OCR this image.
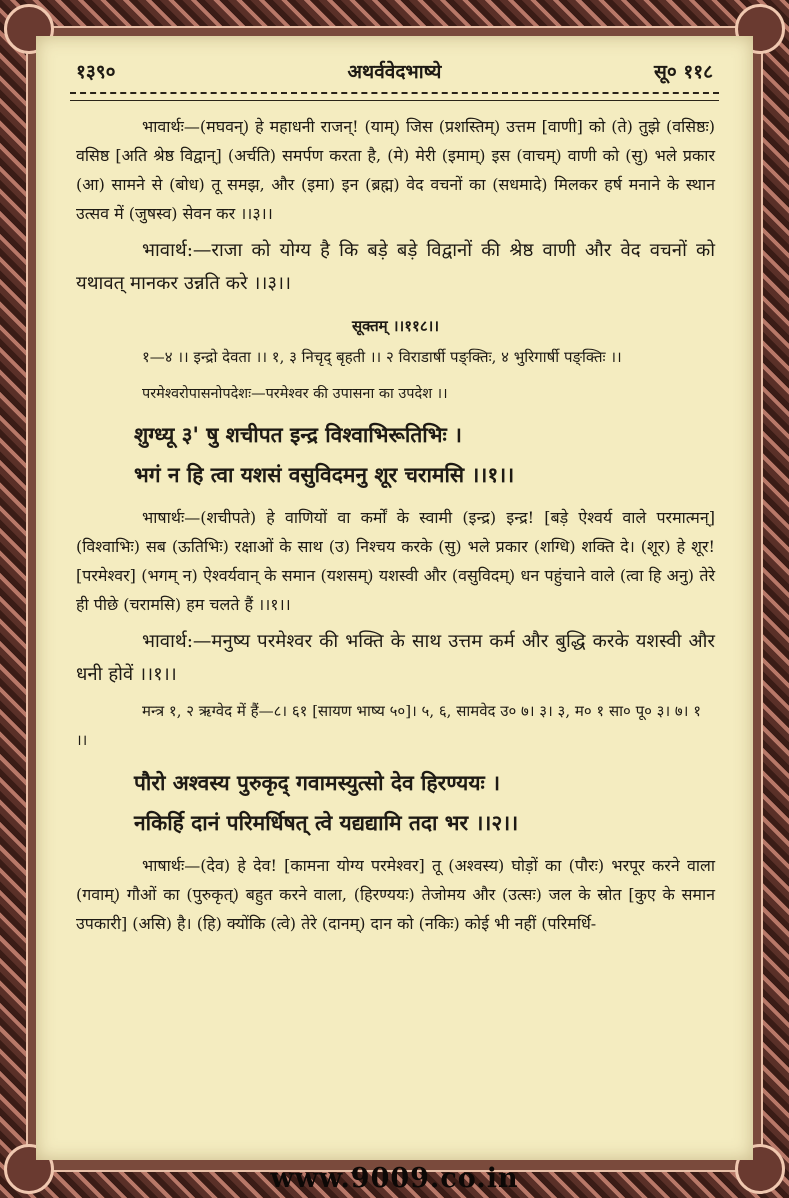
१३९०	अथर्ववेदभाष्ये	सू० ११८

भावार्थः—(मघवन्) हे महाधनी राजन्! (याम्) जिस (प्रशस्तिम्) उत्तम [वाणी] को (ते) तुझे (वसिष्ठः) वसिष्ठ [अति श्रेष्ठ विद्वान्] (अर्चति) समर्पण करता है, (मे) मेरी (इमाम्) इस (वाचम्) वाणी को (सु) भले प्रकार (आ) सामने से (बोध) तू समझ, और (इमा) इन (ब्रह्म) वेद वचनों का (सधमादे) मिलकर हर्ष मनाने के स्थान उत्सव में (जुषस्व) सेवन कर ।।३।।

भावार्थ:—राजा को योग्य है कि बड़े बड़े विद्वानों की श्रेष्ठ वाणी और वेद वचनों को यथावत् मानकर उन्नति करे ।।३।।

सूक्तम् ।।११८।।

१—४ ।। इन्द्रो देवता ।। १, ३ निचृद् बृहती ।। २ विराडार्षी पङ्क्तिः, ४ भुरिगार्षी पङ्क्तिः ।।

परमेश्वरोपासनोपदेशः—परमेश्वर की उपासना का उपदेश ।।

शुग्ध्यू ३' षु शचीपत इन्द्र विश्वाभिरूतिभिः ।

भगं न हि त्वा यशसं वसुविदमनु शूर चरामसि ।।१।।

भाषार्थः—(शचीपते) हे वाणियों वा कर्मों के स्वामी (इन्द्र) इन्द्र! [बड़े ऐश्वर्य वाले परमात्मन्] (विश्वाभिः) सब (ऊतिभिः) रक्षाओं के साथ (उ) निश्चय करके (सु) भले प्रकार (शग्धि) शक्ति दे। (शूर) हे शूर! [परमेश्वर] (भगम् न) ऐश्वर्यवान् के समान (यशसम्) यशस्वी और (वसुविदम्) धन पहुंचाने वाले (त्वा हि अनु) तेरे ही पीछे (चरामसि) हम चलते हैं ।।१।।

भावार्थ:—मनुष्य परमेश्वर की भक्ति के साथ उत्तम कर्म और बुद्धि करके यशस्वी और धनी होवें ।।१।।

मन्त्र १, २ ऋग्वेद में हैं—८। ६१ [सायण भाष्य ५०]। ५, ६, सामवेद उ० ७। ३। ३, म० १ सा० पू० ३। ७। १ ।।

पौरो अश्वस्य पुरुकृद् गवामस्युत्सो देव हिरण्ययः ।

नकिर्हि दानं परिमर्धिषत् त्वे यद्यद्यामि तदा भर ।।२।।

भाषार्थः—(देव) हे देव! [कामना योग्य परमेश्वर] तू (अश्वस्य) घोड़ों का (पौरः) भरपूर करने वाला (गवाम्) गौओं का (पुरुकृत्) बहुत करने वाला, (हिरण्ययः) तेजोमय और (उत्सः) जल के स्रोत [कुए के समान उपकारी] (असि) है। (हि) क्योंकि (त्वे) तेरे (दानम्) दान को (नकिः) कोई भी नहीं (परिमर्धि-

www.9009.co.in
